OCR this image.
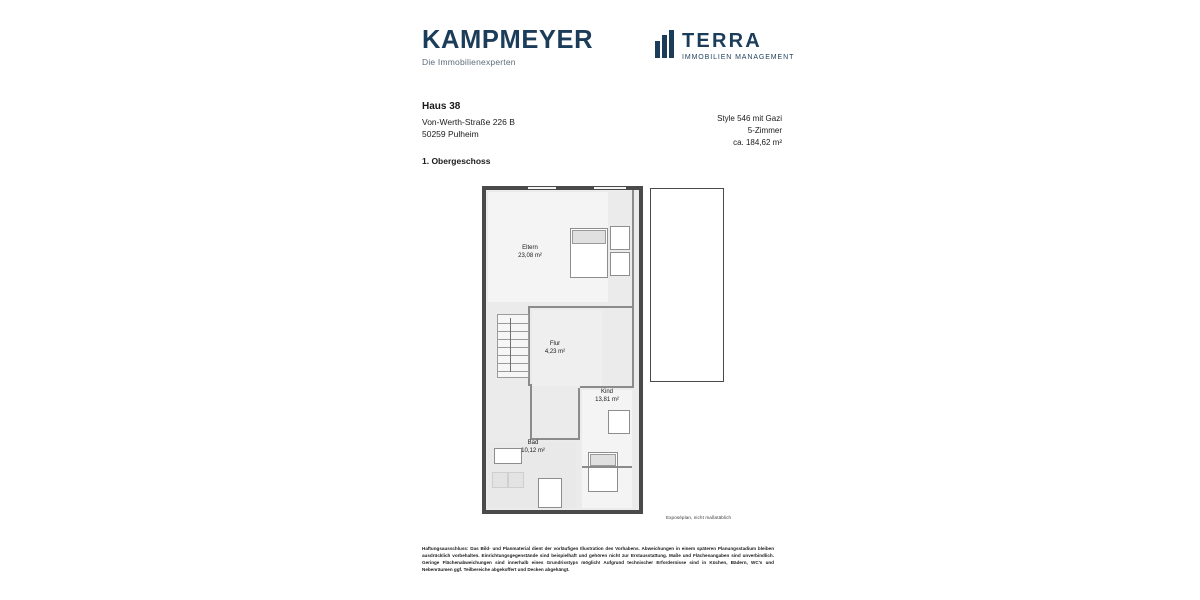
KAMPMEYER
Die Immobilienexperten
TERRA
IMMOBILIEN MANAGEMENT
Haus 38
Von-Werth-Straße 226 B
50259 Pulheim
1. Obergeschoss
Style 546 mit Gazi
5-Zimmer
ca. 184,62 m²
Eltern
23,08 m²
Flur
4,23 m²
Kind
13,81 m²
Bad
10,12 m²
Exposéplan, nicht maßstäblich
Haftungsausschluss: Das Bild- und Planmaterial dient der vorläufigen Illustration des Vorhabens. Abweichungen in einem späteren Planungsstadium bleiben ausdrücklich vorbehalten. Einrichtungsgegenstände sind beispielhaft und gehören nicht zur Erstausstattung. Maße und Flächenangaben sind unverbindlich. Geringe Flächenabweichungen sind innerhalb eines Grundrisstyps möglich! Aufgrund technischer Erfordernisse sind in Küchen, Bädern, WC's und Nebenräumen ggf. Teilbereiche abgekoffert und Decken abgehängt.
